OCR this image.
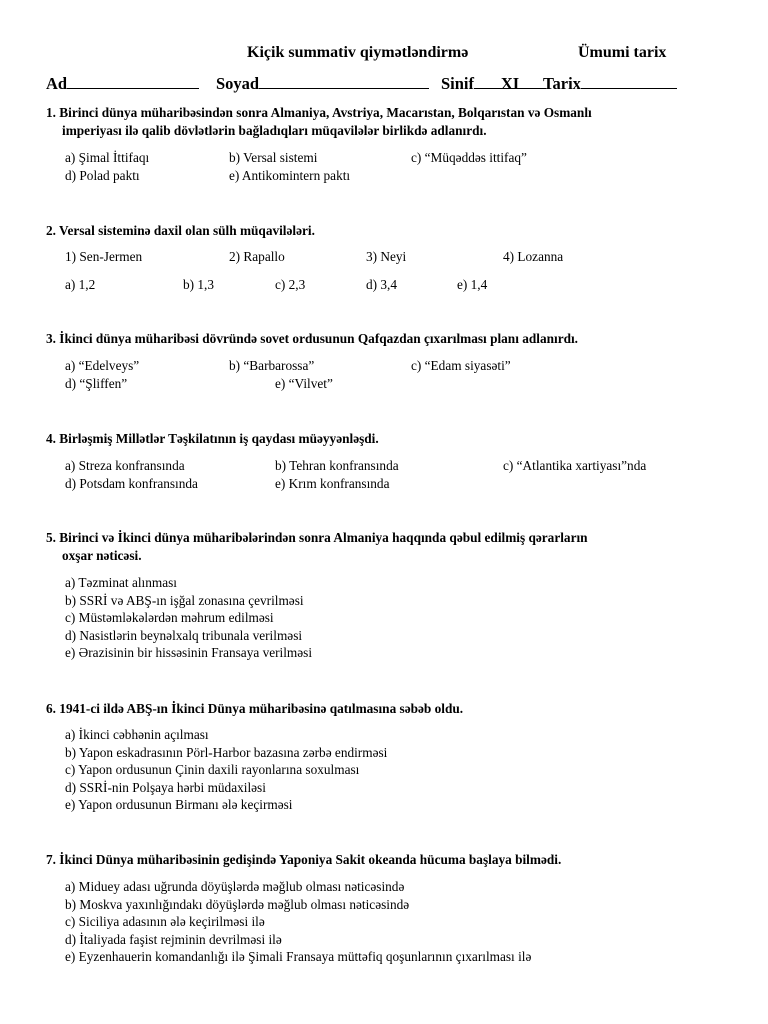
Kiçik summativ qiymətləndirmə	Ümumi tarix
Ad	Soyad	Sinif XI	Tarix
1. Birinci dünya müharibəsindən sonra Almaniya, Avstriya, Macarıstan, Bolqarıstan və Osmanlı
imperiyası ilə qalib dövlətlərin bağladıqları müqavilələr birlikdə adlanırdı.
a) Şimal İttifaqı	b) Versal sistemi	c) “Müqəddəs ittifaq”
d) Polad paktı	e) Antikomintern paktı
2. Versal sisteminə daxil olan sülh müqavilələri.
1) Sen-Jermen	2) Rapallo	3) Neyi	4) Lozanna
a) 1,2	b) 1,3	c) 2,3	d) 3,4	e) 1,4
3. İkinci dünya müharibəsi dövründə sovet ordusunun Qafqazdan çıxarılması planı adlanırdı.
a) “Edelveys”	b) “Barbarossa”	c) “Edam siyasəti”
d) “Şliffen”	e) “Vilvet”
4. Birləşmiş Millətlər Təşkilatının iş qaydası müəyyənləşdi.
a) Streza konfransında	b) Tehran konfransında	c) “Atlantika xartiyası”nda
d) Potsdam konfransında	e) Krım konfransında
5. Birinci və İkinci dünya müharibələrindən sonra Almaniya haqqında qəbul edilmiş qərarların
oxşar nəticəsi.
a) Təzminat alınması
b) SSRİ və ABŞ-ın işğal zonasına çevrilməsi
c) Müstəmləkələrdən məhrum edilməsi
d) Nasistlərin beynəlxalq tribunala verilməsi
e) Ərazisinin bir hissəsinin Fransaya verilməsi
6. 1941-ci ildə ABŞ-ın İkinci Dünya müharibəsinə qatılmasına səbəb oldu.
a) İkinci cəbhənin açılması
b) Yapon eskadrasının Pörl-Harbor bazasına zərbə endirməsi
c) Yapon ordusunun Çinin daxili rayonlarına soxulması
d) SSRİ-nin Polşaya hərbi müdaxiləsi
e) Yapon ordusunun Birmanı ələ keçirməsi
7. İkinci Dünya müharibəsinin gedişində Yaponiya Sakit okeanda hücuma başlaya bilmədi.
a) Miduey adası uğrunda döyüşlərdə məğlub olması nəticəsində
b) Moskva yaxınlığındakı döyüşlərdə məğlub olması nəticəsində
c) Siciliya adasının ələ keçirilməsi ilə
d) İtaliyada faşist rejminin devrilməsi ilə
e) Eyzenhauerin komandanlığı ilə Şimali Fransaya müttəfiq qoşunlarının çıxarılması ilə
